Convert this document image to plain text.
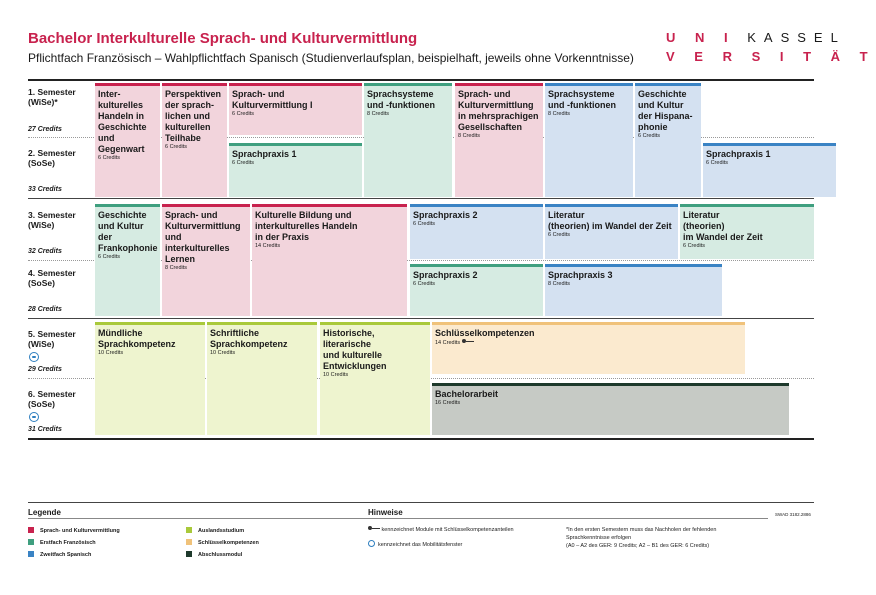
Bachelor Interkulturelle Sprach- und Kulturvermittlung
Pflichtfach Französisch – Wahlpflichtfach Spanisch (Studienverlaufsplan, beispielhaft, jeweils ohne Vorkenntnisse)
U N I KASSEL
V E R S I T Ä T
1. Semester
(WiSe)*
27 Credits
2. Semester
(SoSe)
33 Credits
3. Semester
(WiSe)
32 Credits
4. Semester
(SoSe)
28 Credits
5. Semester
(WiSe)
29 Credits
6. Semester
(SoSe)
31 Credits
Inter-
kulturelles
Handeln in
Geschichte
und
Gegenwart
6 Credits
Perspektiven
der sprach-
lichen und
kulturellen
Teilhabe
6 Credits
Sprach- und
Kulturvermittlung I
6 Credits
Sprachsysteme
und -funktionen
8 Credits
Sprach- und
Kulturvermittlung
in mehrsprachigen
Gesellschaften
8 Credits
Sprachsysteme
und -funktionen
8 Credits
Geschichte
und Kultur
der Hispana-
phonie
6 Credits
Sprachpraxis 1
6 Credits
Sprachpraxis 1
6 Credits
Geschichte
und Kultur der
Frankophonie
6 Credits
Sprach- und
Kulturvermittlung
und
interkulturelles
Lernen
8 Credits
Kulturelle Bildung und
interkulturelles Handeln
in der Praxis
14 Credits
Sprachpraxis 2
6 Credits
Literatur
(theorien) im Wandel der Zeit
6 Credits
Literatur
(theorien)
im Wandel der Zeit
6 Credits
Sprachpraxis 2
6 Credits
Sprachpraxis 3
8 Credits
Mündliche
Sprachkompetenz
10 Credits
Schriftliche
Sprachkompetenz
10 Credits
Historische,
literarische
und kulturelle
Entwicklungen
10 Credits
Schlüsselkompetenzen
14 Credits
Bachelorarbeit
16 Credits
Legende
Sprach- und Kulturvermittlung
Erstfach Französisch
Zweitfach Spanisch
Auslandsstudium
Schlüsselkompetenzen
Abschlussmodul
Hinweise	SWAD 3182.2886
kennzeichnet Module mit Schlüsselkompetenzanteilen
kennzeichnet das Mobilitätsfenster
*In den ersten Semestern muss das Nachholen der fehlenden
Sprachkenntnisse erfolgen
(A0 – A2 des GER: 9 Credits; A2 – B1 des GER: 6 Credits)
